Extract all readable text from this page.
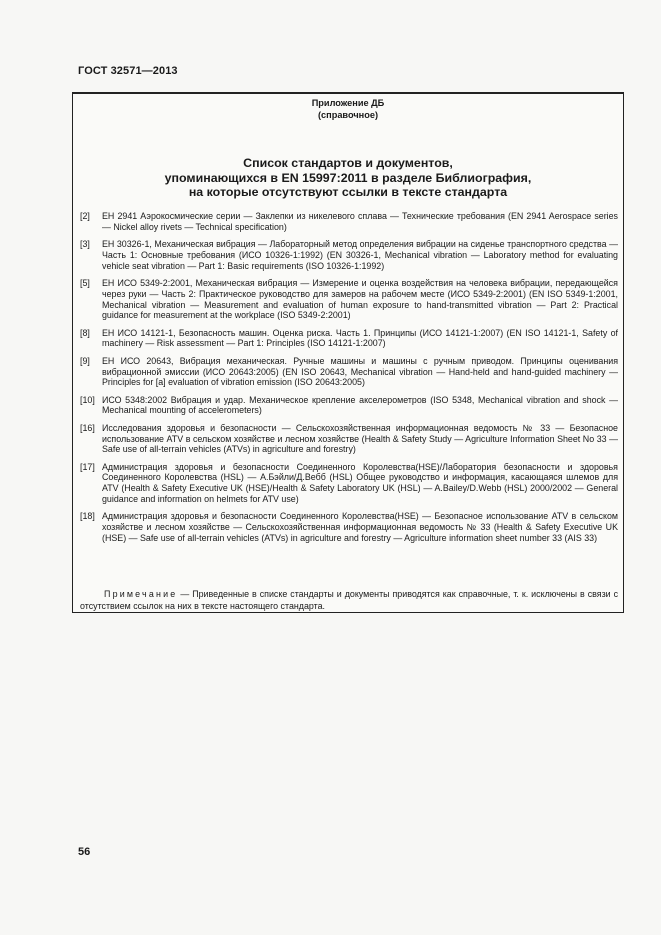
ГОСТ 32571—2013
Приложение ДБ
(справочное)
Список стандартов и документов,
упоминающихся в EN 15997:2011 в разделе Библиография,
на которые отсутствуют ссылки в тексте стандарта
[2] ЕН 2941 Аэрокосмические серии — Заклепки из никелевого сплава — Технические требования (EN 2941 Aerospace series — Nickel alloy rivets — Technical specification)
[3] ЕН 30326-1, Механическая вибрация — Лабораторный метод определения вибрации на сиденье транспортного средства — Часть 1: Основные требования (ИСО 10326-1:1992) (EN 30326-1, Mechanical vibration — Laboratory method for evaluating vehicle seat vibration — Part 1: Basic requirements (ISO 10326-1:1992)
[5] ЕН ИСО 5349-2:2001, Механическая вибрация — Измерение и оценка воздействия на человека вибрации, передающейся через руки — Часть 2: Практическое руководство для замеров на рабочем месте (ИСО 5349-2:2001) (EN ISO 5349-1:2001, Mechanical vibration — Measurement and evaluation of human exposure to hand-transmitted vibration — Part 2: Practical guidance for measurement at the workplace (ISO 5349-2:2001)
[8] ЕН ИСО 14121-1, Безопасность машин. Оценка риска. Часть 1. Принципы (ИСО 14121-1:2007) (EN ISO 14121-1, Safety of machinery — Risk assessment — Part 1: Principles (ISO 14121-1:2007)
[9] ЕН ИСО 20643, Вибрация механическая. Ручные машины и машины с ручным приводом. Принципы оценивания вибрационной эмиссии (ИСО 20643:2005) (EN ISO 20643, Mechanical vibration — Hand-held and hand-guided machinery — Principles for [a] evaluation of vibration emission (ISO 20643:2005)
[10] ИСО 5348:2002 Вибрация и удар. Механическое крепление акселерометров (ISO 5348, Mechanical vibration and shock — Mechanical mounting of accelerometers)
[16] Исследования здоровья и безопасности — Сельскохозяйственная информационная ведомость № 33 — Безопасное использование ATV в сельском хозяйстве и лесном хозяйстве (Health & Safety Study — Agriculture Information Sheet No 33 — Safe use of all-terrain vehicles (ATVs) in agriculture and forestry)
[17] Администрация здоровья и безопасности Соединенного Королевства(HSE)/Лаборатория безопасности и здоровья Соединенного Королевства (HSL) — А.Бэйли/Д.Вебб (HSL) Общее руководство и информация, касающаяся шлемов для ATV (Health & Safety Executive UK (HSE)/Health & Safety Laboratory UK (HSL) — A.Bailey/D.Webb (HSL) 2000/2002 — General guidance and information on helmets for ATV use)
[18] Администрация здоровья и безопасности Соединенного Королевства(HSE) — Безопасное использование ATV в сельском хозяйстве и лесном хозяйстве — Сельскохозяйственная информационная ведомость № 33 (Health & Safety Executive UK (HSE) — Safe use of all-terrain vehicles (ATVs) in agriculture and forestry — Agriculture information sheet number 33 (AIS 33)
Примечание — Приведенные в списке стандарты и документы приводятся как справочные, т. к. исключены в связи с отсутствием ссылок на них в тексте настоящего стандарта.
56
